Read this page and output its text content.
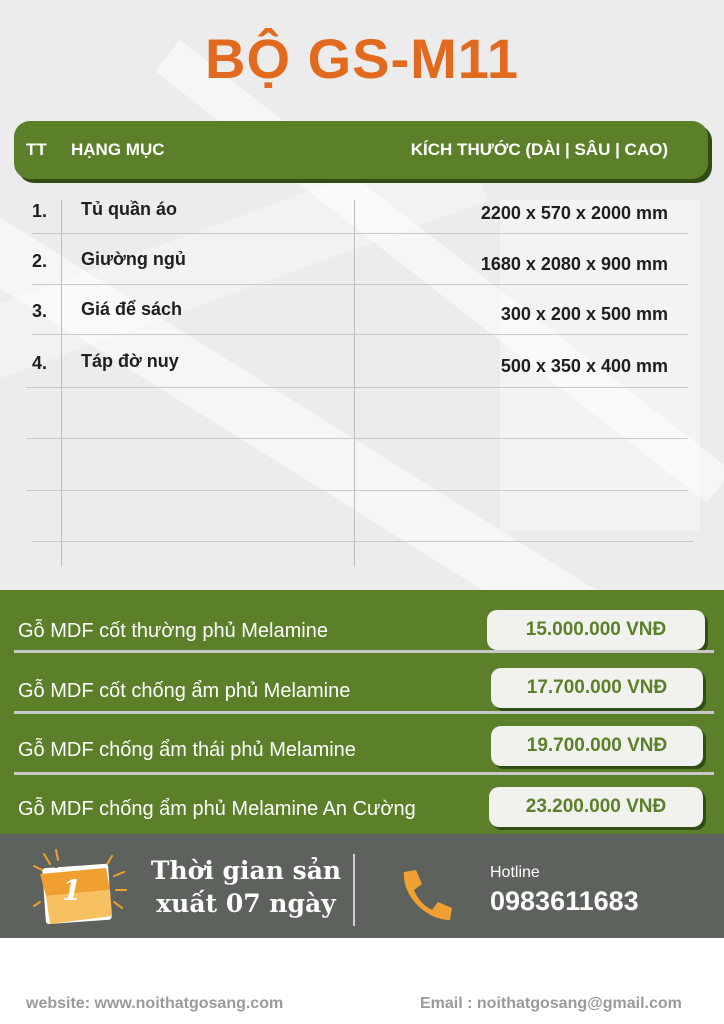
BỘ GS-M11
TT HẠNG MỤC	KÍCH THƯỚC (DÀI | SÂU | CAO)
1. Tủ quần áo	2200 x 570 x 2000 mm
2. Giường ngủ	1680 x 2080 x 900 mm
3. Giá để sách	300 x 200 x 500 mm
4. Táp đờ nuy	500 x 350 x 400 mm
Gỗ MDF cốt thường phủ Melamine	15.000.000 VNĐ
Gỗ MDF cốt chống ẩm phủ Melamine	17.700.000 VNĐ
Gỗ MDF chống ẩm thái phủ Melamine	19.700.000 VNĐ
Gỗ MDF chống ẩm phủ Melamine An Cường	23.200.000 VNĐ
1
Thời gian sản
xuất 07 ngày
Hotline
0983611683
website: www.noithatgosang.com	Email : noithatgosang@gmail.com
